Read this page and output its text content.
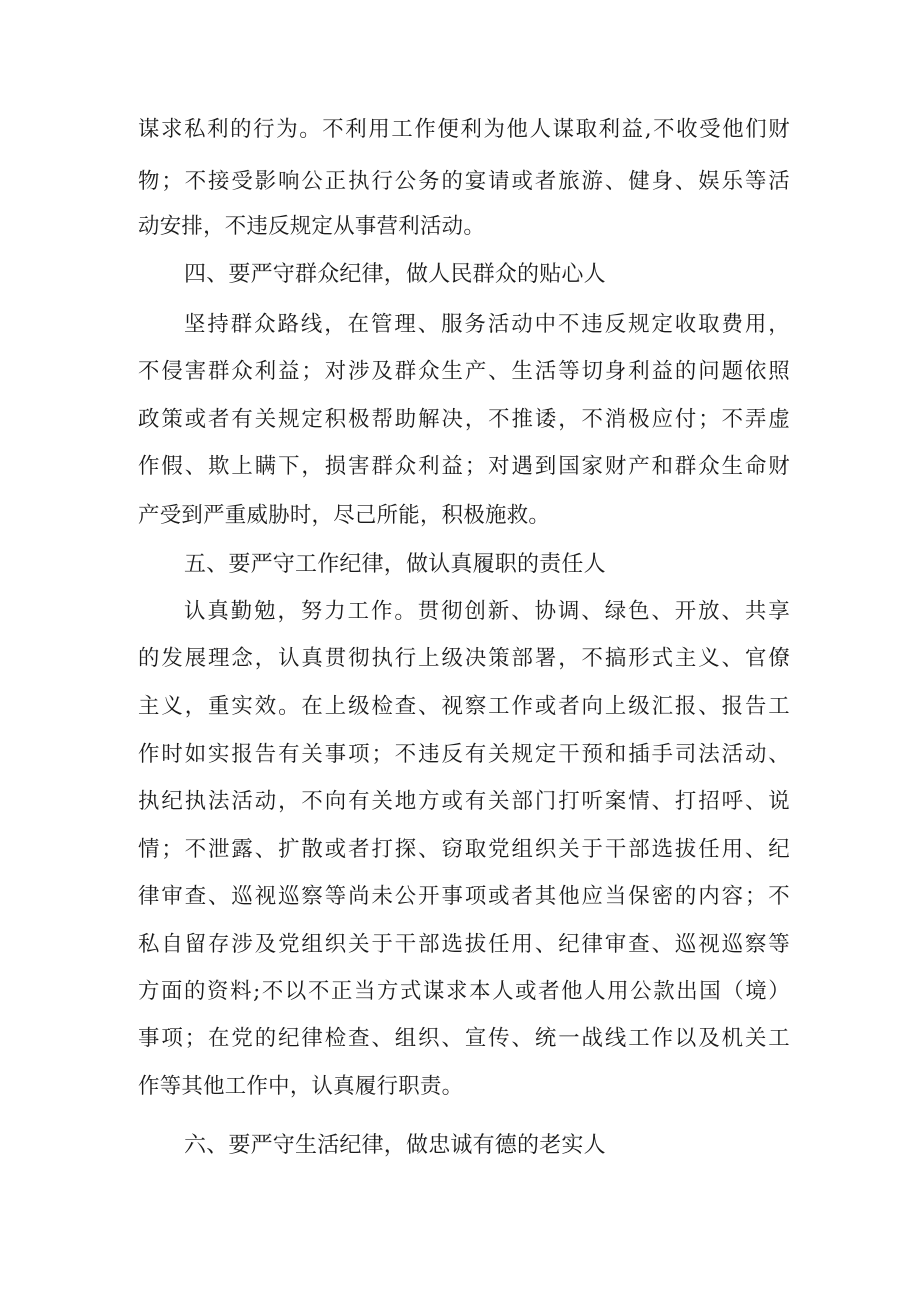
谋求私利的行为。不利用工作便利为他人谋取利益,不收受他们财
物；不接受影响公正执行公务的宴请或者旅游、健身、娱乐等活
动安排，不违反规定从事营利活动。
四、要严守群众纪律，做人民群众的贴心人
坚持群众路线，在管理、服务活动中不违反规定收取费用，
不侵害群众利益；对涉及群众生产、生活等切身利益的问题依照
政策或者有关规定积极帮助解决，不推诿，不消极应付；不弄虚
作假、欺上瞒下，损害群众利益；对遇到国家财产和群众生命财
产受到严重威胁时，尽己所能，积极施救。
五、要严守工作纪律，做认真履职的责任人
认真勤勉，努力工作。贯彻创新、协调、绿色、开放、共享
的发展理念，认真贯彻执行上级决策部署，不搞形式主义、官僚
主义，重实效。在上级检查、视察工作或者向上级汇报、报告工
作时如实报告有关事项；不违反有关规定干预和插手司法活动、
执纪执法活动，不向有关地方或有关部门打听案情、打招呼、说
情；不泄露、扩散或者打探、窃取党组织关于干部选拔任用、纪
律审查、巡视巡察等尚未公开事项或者其他应当保密的内容；不
私自留存涉及党组织关于干部选拔任用、纪律审查、巡视巡察等
方面的资料;不以不正当方式谋求本人或者他人用公款出国（境）
事项；在党的纪律检查、组织、宣传、统一战线工作以及机关工
作等其他工作中，认真履行职责。
六、要严守生活纪律，做忠诚有德的老实人
